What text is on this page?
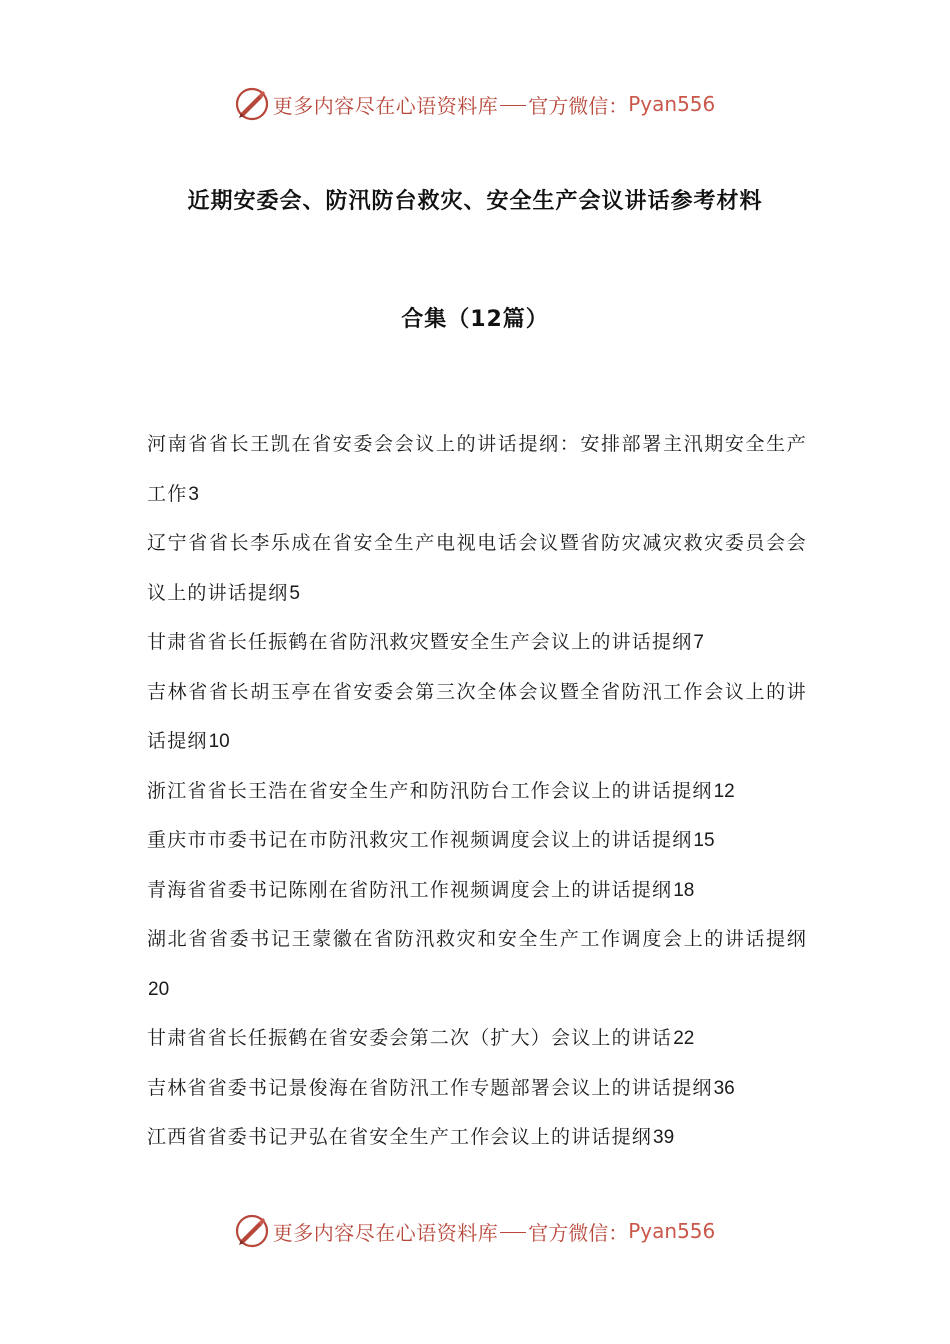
更多内容尽在心语资料库 官方微信： Pyan556
近期安委会、防汛防台救灾、安全生产会议讲话参考材料
合集（12篇）
河南省省长王凯在省安委会会议上的讲话提纲：安排部署主汛期安全生产工作3
辽宁省省长李乐成在省安全生产电视电话会议暨省防灾减灾救灾委员会会议上的讲话提纲5
甘肃省省长任振鹤在省防汛救灾暨安全生产会议上的讲话提纲7
吉林省省长胡玉亭在省安委会第三次全体会议暨全省防汛工作会议上的讲话提纲10
浙江省省长王浩在省安全生产和防汛防台工作会议上的讲话提纲12
重庆市市委书记在市防汛救灾工作视频调度会议上的讲话提纲15
青海省省委书记陈刚在省防汛工作视频调度会上的讲话提纲18
湖北省省委书记王蒙徽在省防汛救灾和安全生产工作调度会上的讲话提纲20
甘肃省省长任振鹤在省安委会第二次（扩大）会议上的讲话22
吉林省省委书记景俊海在省防汛工作专题部署会议上的讲话提纲36
江西省省委书记尹弘在省安全生产工作会议上的讲话提纲39
更多内容尽在心语资料库 官方微信： Pyan556
